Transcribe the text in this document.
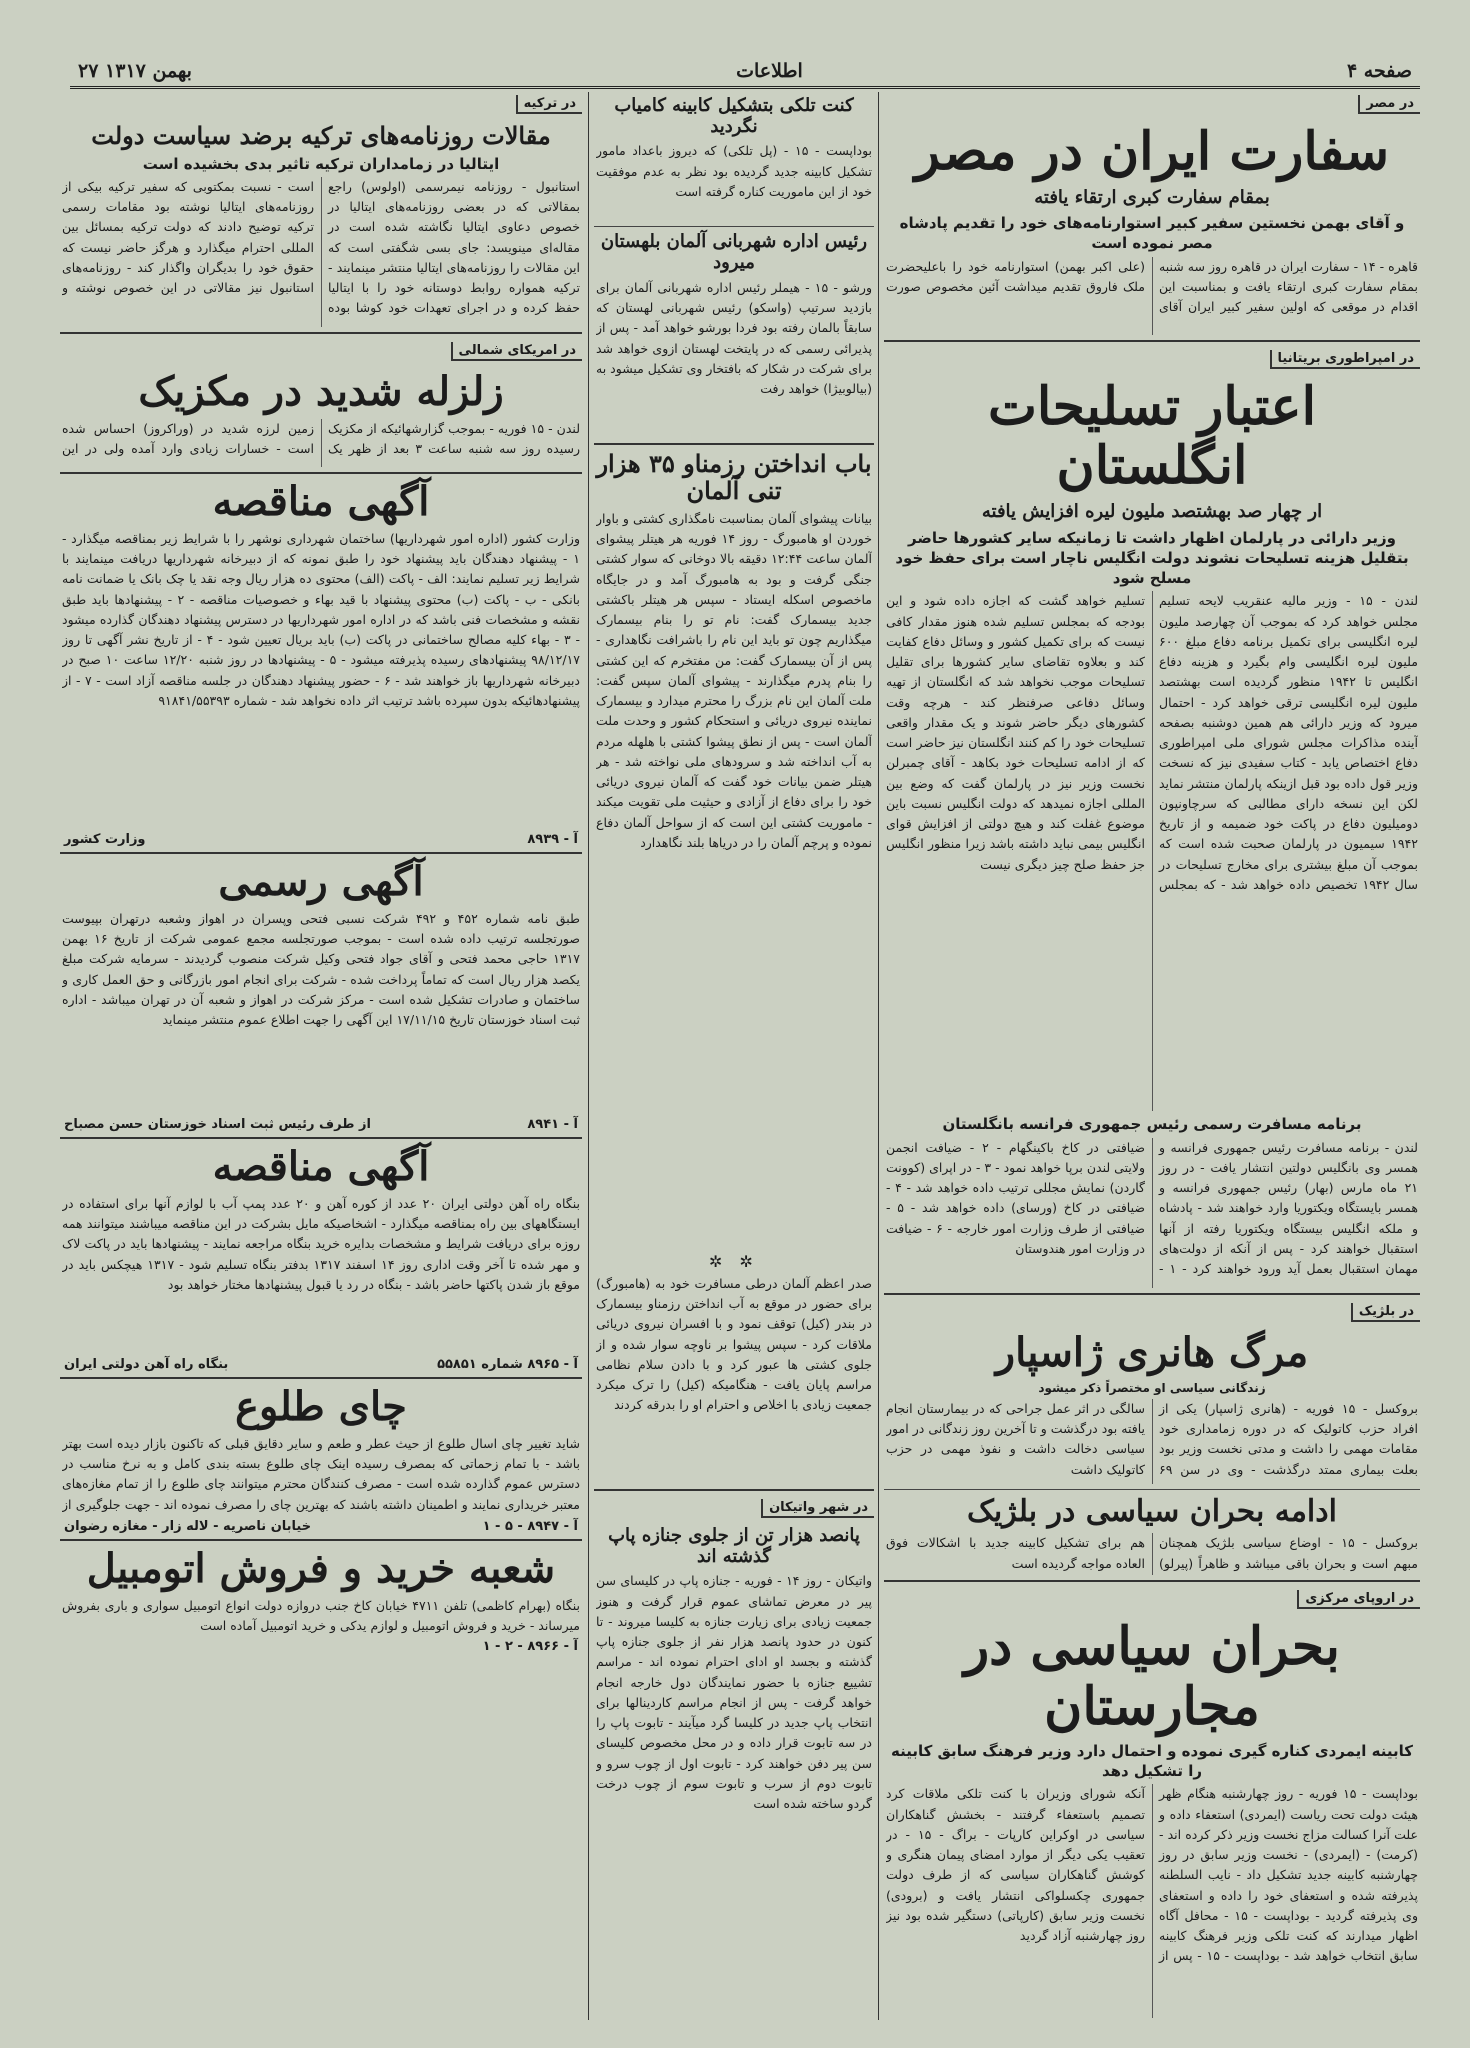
۲۷ بهمن ۱۳۱۷	اطلاعات	صفحه ۴
در مصر
سفارت ایران در مصر
بمقام سفارت کبری ارتقاء یافته
و آقای بهمن نخستین سفیر کبیر استوارنامه‌های خود را تقدیم پادشاه مصر نموده است
قاهره - ۱۴ - سفارت ایران در قاهره روز سه شنبه بمقام سفارت کبری ارتقاء یافت و بمناسبت این اقدام در موقعی که اولین سفیر کبیر ایران آقای (علی اکبر بهمن) استوارنامه خود را باعلیحضرت ملک فاروق تقدیم میداشت آئین مخصوص صورت
در امپراطوری بریتانیا
اعتبار تسلیحات انگلستان
ار چهار صد بهشتصد ملیون لیره افزایش یافته
وزیر دارائی در پارلمان اظهار داشت تا زمانیکه سایر کشورها حاضر بتقلیل هزینه تسلیحات نشوند دولت انگلیس ناچار است برای حفظ خود مسلح شود
لندن - ۱۵ - وزیر مالیه عنقریب لایحه تسلیم مجلس خواهد کرد که بموجب آن چهارصد ملیون لیره انگلیسی برای تکمیل برنامه دفاع مبلغ ۶۰۰ ملیون لیره انگلیسی وام بگیرد و هزینه دفاع انگلیس تا ۱۹۴۲ منظور گردیده است بهشتصد ملیون لیره انگلیسی ترقی خواهد کرد - احتمال میرود که وزیر دارائی هم همین دوشنبه بصفحه آینده مذاکرات مجلس شورای ملی امپراطوری دفاع اختصاص یابد - کتاب سفیدی نیز که نسخت وزیر قول داده بود قبل ازینکه پارلمان منتشر نماید لکن این نسخه دارای مطالبی که سرچاونپون دومیلیون دفاع در پاکت خود ضمیمه و از تاریخ ۱۹۴۲ سیمیون در پارلمان صحبت شده است که بموجب آن مبلغ بیشتری برای مخارج تسلیحات در سال ۱۹۴۲ تخصیص داده خواهد شد - که بمجلس تسلیم خواهد گشت که اجازه داده شود و این بودجه که بمجلس تسلیم شده هنوز مقدار کافی نیست که برای تکمیل کشور و وسائل دفاع کفایت کند و بعلاوه تقاضای سایر کشورها برای تقلیل تسلیحات موجب نخواهد شد که انگلستان از تهیه وسائل دفاعی صرفنظر کند - هرچه وقت کشورهای دیگر حاضر شوند و یک مقدار واقعی تسلیحات خود را کم کنند انگلستان نیز حاضر است که از ادامه تسلیحات خود بکاهد - آقای چمبرلن نخست وزیر نیز در پارلمان گفت که وضع بین المللی اجازه نمیدهد که دولت انگلیس نسبت باین موضوع غفلت کند و هیچ دولتی از افزایش قوای انگلیس بیمی نباید داشته باشد زیرا منظور انگلیس جز حفظ صلح چیز دیگری نیست
برنامه مسافرت رسمی رئیس جمهوری فرانسه بانگلستان
لندن - برنامه مسافرت رئیس جمهوری فرانسه و همسر وی بانگلیس دولتین انتشار یافت - در روز ۲۱ ماه مارس (بهار) رئیس جمهوری فرانسه و همسر بایستگاه ویکتوریا وارد خواهند شد - پادشاه و ملکه انگلیس بیستگاه ویکتوریا رفته از آنها استقبال خواهند کرد - پس از آنکه از دولت‌های مهمان استقبال بعمل آید ورود خواهند کرد - ۱ - ضیافتی در کاخ باکینگهام - ۲ - ضیافت انجمن ولایتی لندن برپا خواهد نمود - ۳ - در اپرای (کوونت گاردن) نمایش مجللی ترتیب داده خواهد شد - ۴ - ضیافتی در کاخ (ورسای) داده خواهد شد - ۵ - ضیافتی از طرف وزارت امور خارجه - ۶ - ضیافت در وزارت امور هندوستان
در بلژیک
مرگ هانری ژاسپار
زندگانی سیاسی او مختصراً ذکر میشود
بروکسل - ۱۵ فوریه - (هانری ژاسپار) یکی از افراد حزب کاتولیک که در دوره زمامداری خود مقامات مهمی را داشت و مدتی نخست وزیر بود بعلت بیماری ممتد درگذشت - وی در سن ۶۹ سالگی در اثر عمل جراحی که در بیمارستان انجام یافته بود درگذشت و تا آخرین روز زندگانی در امور سیاسی دخالت داشت و نفوذ مهمی در حزب کاتولیک داشت
ادامه بحران سیاسی در بلژیک
بروکسل - ۱۵ - اوضاع سیاسی بلژیک همچنان مبهم است و بحران باقی میباشد و ظاهراً (پیرلو) هم برای تشکیل کابینه جدید با اشکالات فوق العاده مواجه گردیده است
در اروپای مرکزی
بحران سیاسی در مجارستان
کابینه ایمردی کناره گیری نموده و احتمال دارد وزیر فرهنگ سابق کابینه را تشکیل دهد
بوداپست - ۱۵ فوریه - روز چهارشنبه هنگام ظهر هیئت دولت تحت ریاست (ایمردی) استعفاء داده و علت آنرا کسالت مزاج نخست وزیر ذکر کرده اند - (کرمت) - (ایمردی) - نخست وزیر سابق در روز چهارشنبه کابینه جدید تشکیل داد - نایب السلطنه پذیرفته شده و استعفای خود را داده و استعفای وی پذیرفته گردید - بوداپست - ۱۵ - محافل آگاه اظهار میدارند که کنت تلکی وزیر فرهنگ کابینه سابق انتخاب خواهد شد - بوداپست - ۱۵ - پس از آنکه شورای وزیران با کنت تلکی ملاقات کرد تصمیم باستعفاء گرفتند - بخشش گناهکاران سیاسی در اوکراین کارپات - براگ - ۱۵ - در تعقیب یکی دیگر از موارد امضای پیمان هنگری و کوشش گناهکاران سیاسی که از طرف دولت جمهوری چکسلواکی انتشار یافت و (برودی) نخست وزیر سابق (کارپاتی) دستگیر شده بود نیز روز چهارشنبه آزاد گردید
کنت تلکی بتشکیل کابینه کامیاب نگردید
بوداپست - ۱۵ - (پل تلکی) که دیروز باعداد مامور تشکیل کابینه جدید گردیده بود نظر به عدم موفقیت خود از این ماموریت کناره گرفته است
رئیس اداره شهربانی آلمان بلهستان میرود
ورشو - ۱۵ - هیملر رئیس اداره شهربانی آلمان برای بازدید سرتیپ (واسکو) رئیس شهربانی لهستان که سابقاً بالمان رفته بود فردا بورشو خواهد آمد - پس از پذیرائی رسمی که در پایتخت لهستان ازوی خواهد شد برای شرکت در شکار که بافتخار وی تشکیل میشود به (بیالوبیژا) خواهد رفت
باب انداختن رزمناو ۳۵ هزار تنی آلمان
بیانات پیشوای آلمان بمناسبت نامگذاری کشتی و باوار خوردن او هامبورگ - روز ۱۴ فوریه هر هیتلر پیشوای آلمان ساعت ۱۲:۴۴ دقیقه بالا دوخانی که سوار کشتی جنگی گرفت و بود به هامبورگ آمد و در جایگاه ماخصوص اسکله ایستاد - سپس هر هیتلر باکشتی جدید بیسمارک گفت: نام تو را بنام بیسمارک میگذاریم چون تو باید این نام را باشرافت نگاهداری - پس از آن بیسمارک گفت: من مفتخرم که این کشتی را بنام پدرم میگذارند - پیشوای آلمان سپس گفت: ملت آلمان این نام بزرگ را محترم میدارد و بیسمارک نماینده نیروی دریائی و استحکام کشور و وحدت ملت آلمان است - پس از نطق پیشوا کشتی با هلهله مردم به آب انداخته شد و سرودهای ملی نواخته شد - هر هیتلر ضمن بیانات خود گفت که آلمان نیروی دریائی خود را برای دفاع از آزادی و حیثیت ملی تقویت میکند - ماموریت کشتی این است که از سواحل آلمان دفاع نموده و پرچم آلمان را در دریاها بلند نگاهدارد
✲ ✲
صدر اعظم آلمان درطی مسافرت خود به (هامبورگ) برای حضور در موقع به آب انداختن رزمناو بیسمارک در بندر (کیل) توقف نمود و با افسران نیروی دریائی ملاقات کرد - سپس پیشوا بر ناوچه سوار شده و از جلوی کشتی ها عبور کرد و با دادن سلام نظامی مراسم پایان یافت - هنگامیکه (کیل) را ترک میکرد جمعیت زیادی با اخلاص و احترام او را بدرقه کردند
در شهر واتیکان
پانصد هزار تن از جلوی جنازه پاپ گذشته اند
واتیکان - روز ۱۴ - فوریه - جنازه پاپ در کلیسای سن پیر در معرض تماشای عموم قرار گرفت و هنوز جمعیت زیادی برای زیارت جنازه به کلیسا میروند - تا کنون در حدود پانصد هزار نفر از جلوی جنازه پاپ گذشته و بجسد او ادای احترام نموده اند - مراسم تشییع جنازه با حضور نمایندگان دول خارجه انجام خواهد گرفت - پس از انجام مراسم کاردینالها برای انتخاب پاپ جدید در کلیسا گرد میآیند - تابوت پاپ را در سه تابوت قرار داده و در محل مخصوص کلیسای سن پیر دفن خواهند کرد - تابوت اول از چوب سرو و تابوت دوم از سرب و تابوت سوم از چوب درخت گردو ساخته شده است
در ترکیه
مقالات روزنامه‌های ترکیه برضد سیاست دولت
ایتالیا در زمامداران ترکیه تاثیر بدی بخشیده است
استانبول - روزنامه نیمرسمی (اولوس) راجع بمقالاتی که در بعضی روزنامه‌های ایتالیا در خصوص دعاوی ایتالیا نگاشته شده است در مقاله‌ای مینویسد: جای بسی شگفتی است که این مقالات را روزنامه‌های ایتالیا منتشر مینمایند - ترکیه همواره روابط دوستانه خود را با ایتالیا حفظ کرده و در اجرای تعهدات خود کوشا بوده است - نسبت بمکتوبی که سفیر ترکیه بیکی از روزنامه‌های ایتالیا نوشته بود مقامات رسمی ترکیه توضیح دادند که دولت ترکیه بمسائل بین المللی احترام میگذارد و هرگز حاضر نیست که حقوق خود را بدیگران واگذار کند - روزنامه‌های استانبول نیز مقالاتی در این خصوص نوشته و
در امریکای شمالی
زلزله شدید در مکزیک
لندن - ۱۵ فوریه - بموجب گزارشهائیکه از مکزیک رسیده روز سه شنبه ساعت ۳ بعد از ظهر یک زمین لرزه شدید در (وراکروز) احساس شده است - خسارات زیادی وارد آمده ولی در این
آگهی مناقصه
وزارت کشور (اداره امور شهرداریها) ساختمان شهرداری نوشهر را با شرایط زیر بمناقصه میگذارد - ۱ - پیشنهاد دهندگان باید پیشنهاد خود را طبق نمونه که از دبیرخانه شهرداریها دریافت مینمایند با شرایط زیر تسلیم نمایند: الف - پاکت (الف) محتوی ده هزار ریال وجه نقد یا چک بانک یا ضمانت نامه بانکی - ب - پاکت (ب) محتوی پیشنهاد با قید بهاء و خصوصیات مناقصه - ۲ - پیشنهادها باید طبق نقشه و مشخصات فنی باشد که در اداره امور شهرداریها در دسترس پیشنهاد دهندگان گذارده میشود - ۳ - بهاء کلیه مصالح ساختمانی در پاکت (ب) باید بریال تعیین شود - ۴ - از تاریخ نشر آگهی تا روز ۹۸/۱۲/۱۷ پیشنهادهای رسیده پذیرفته میشود - ۵ - پیشنهادها در روز شنبه ۱۲/۲۰ ساعت ۱۰ صبح در دبیرخانه شهرداریها باز خواهند شد - ۶ - حضور پیشنهاد دهندگان در جلسه مناقصه آزاد است - ۷ - از پیشنهادهائیکه بدون سپرده باشد ترتیب اثر داده نخواهد شد - شماره ۹۱۸۴۱/۵۵۳۹۳
آ - ۸۹۳۹
وزارت کشور
آگهی رسمی
طبق نامه شماره ۴۵۲ و ۴۹۲ شرکت نسبی فتحی وپسران در اهواز وشعبه درتهران بپیوست صورتجلسه ترتیب داده شده است - بموجب صورتجلسه مجمع عمومی شرکت از تاریخ ۱۶ بهمن ۱۳۱۷ حاجی محمد فتحی و آقای جواد فتحی وکیل شرکت منصوب گردیدند - سرمایه شرکت مبلغ یکصد هزار ریال است که تماماً پرداخت شده - شرکت برای انجام امور بازرگانی و حق العمل کاری و ساختمان و صادرات تشکیل شده است - مرکز شرکت در اهواز و شعبه آن در تهران میباشد - اداره ثبت اسناد خوزستان تاریخ ۱۷/۱۱/۱۵ این آگهی را جهت اطلاع عموم منتشر مینماید
آ - ۸۹۴۱
از طرف رئیس ثبت اسناد خوزستان حسن مصباح
آگهی مناقصه
بنگاه راه آهن دولتی ایران ۲۰ عدد از کوره آهن و ۲۰ عدد پمپ آب با لوازم آنها برای استفاده در ایستگاههای بین راه بمناقصه میگذارد - اشخاصیکه مایل بشرکت در این مناقصه میباشند میتوانند همه روزه برای دریافت شرایط و مشخصات بدایره خرید بنگاه مراجعه نمایند - پیشنهادها باید در پاکت لاک و مهر شده تا آخر وقت اداری روز ۱۴ اسفند ۱۳۱۷ بدفتر بنگاه تسلیم شود - ۱۳۱۷ هیچکس باید در موقع باز شدن پاکتها حاضر باشد - بنگاه در رد یا قبول پیشنهادها مختار خواهد بود
آ - ۸۹۶۵ شماره ۵۵۸۵۱
بنگاه راه آهن دولتی ایران
چای طلوع
شاید تغییر چای اسال طلوع از حیث عطر و طعم و سایر دقایق قبلی که تاکنون بازار دیده است بهتر باشد - با تمام زحماتی که بمصرف رسیده اینک چای طلوع بسته بندی کامل و به نرخ مناسب در دسترس عموم گذارده شده است - مصرف کنندگان محترم میتوانند چای طلوع را از تمام مغازه‌های معتبر خریداری نمایند و اطمینان داشته باشند که بهترین چای را مصرف نموده اند - جهت جلوگیری از
آ - ۸۹۴۷ - ۵ - ۱
خیابان ناصریه - لاله زار - مغازه رضوان
شعبه خرید و فروش اتومبیل
بنگاه (بهرام کاظمی) تلفن ۴۷۱۱ خیابان کاخ جنب دروازه دولت انواع اتومبیل سواری و باری بفروش میرساند - خرید و فروش اتومبیل و لوازم یدکی و خرید اتومبیل آماده است
آ - ۸۹۶۶ - ۲ - ۱
